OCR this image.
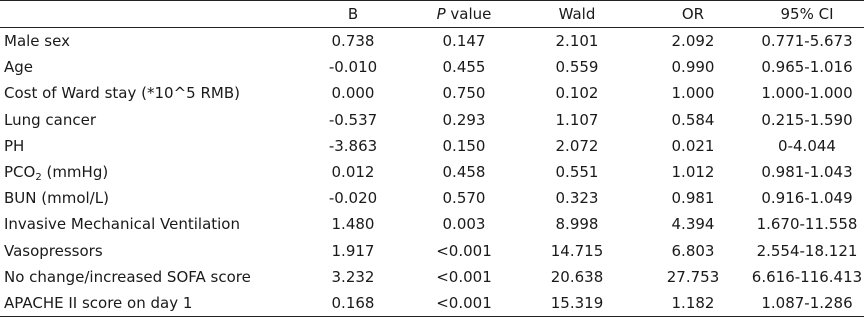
	B	P value	Wald	OR	95% CI
Male sex	0.738	0.147	2.101	2.092	0.771-5.673
Age	-0.010	0.455	0.559	0.990	0.965-1.016
Cost of Ward stay (*10^5 RMB)	0.000	0.750	0.102	1.000	1.000-1.000
Lung cancer	-0.537	0.293	1.107	0.584	0.215-1.590
PH	-3.863	0.150	2.072	0.021	0-4.044
$PCO_2$ (mmHg)	0.012	0.458	0.551	1.012	0.981-1.043
BUN (mmol/L)	-0.020	0.570	0.323	0.981	0.916-1.049
Invasive Mechanical Ventilation	1.480	0.003	8.998	4.394	1.670-11.558
Vasopressors	1.917	<0.001	14.715	6.803	2.554-18.121
No change/increased SOFA score	3.232	<0.001	20.638	27.753	6.616-116.413
APACHE II score on day 1	0.168	<0.001	15.319	1.182	1.087-1.286
